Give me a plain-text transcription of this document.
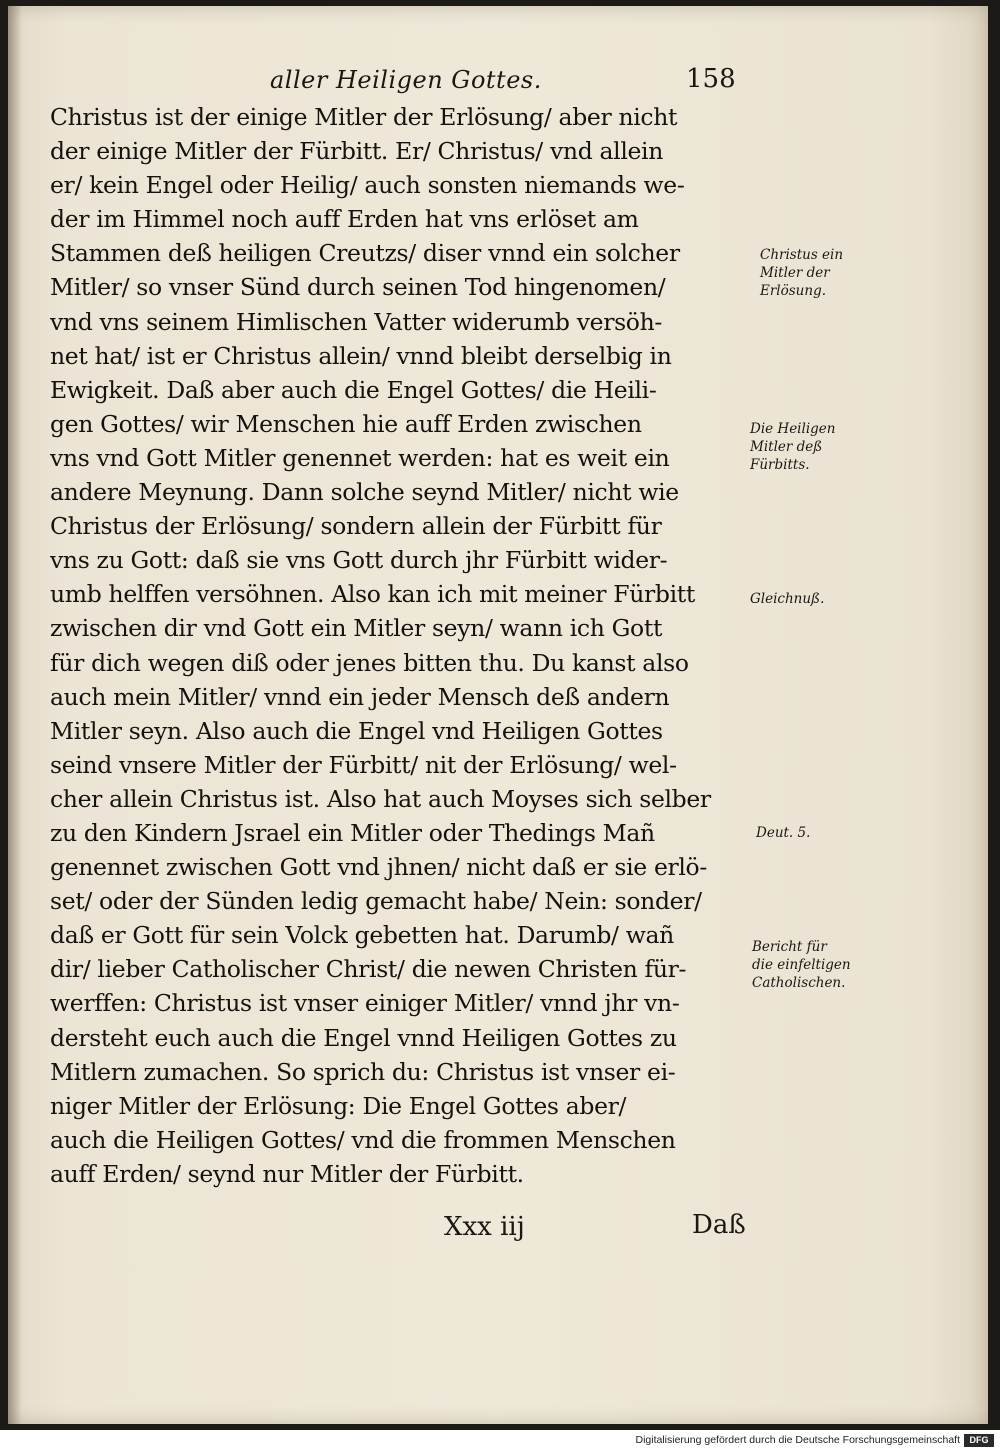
aller Heiligen Gottes.	158
Christus ist der einige Mitler der Erlösung/ aber nicht
der einige Mitler der Fürbitt. Er/ Christus/ vnd allein
er/ kein Engel oder Heilig/ auch sonsten niemands we-
der im Himmel noch auff Erden hat vns erlöset am
Stammen deß heiligen Creutzs/ diser vnnd ein solcher
Mitler/ so vnser Sünd durch seinen Tod hingenomen/
vnd vns seinem Himlischen Vatter widerumb versöh-
net hat/ ist er Christus allein/ vnnd bleibt derselbig in
Ewigkeit. Daß aber auch die Engel Gottes/ die Heili-
gen Gottes/ wir Menschen hie auff Erden zwischen
vns vnd Gott Mitler genennet werden: hat es weit ein
andere Meynung. Dann solche seynd Mitler/ nicht wie
Christus der Erlösung/ sondern allein der Fürbitt für
vns zu Gott: daß sie vns Gott durch jhr Fürbitt wider-
umb helffen versöhnen. Also kan ich mit meiner Fürbitt
zwischen dir vnd Gott ein Mitler seyn/ wann ich Gott
für dich wegen diß oder jenes bitten thu. Du kanst also
auch mein Mitler/ vnnd ein jeder Mensch deß andern
Mitler seyn. Also auch die Engel vnd Heiligen Gottes
seind vnsere Mitler der Fürbitt/ nit der Erlösung/ wel-
cher allein Christus ist. Also hat auch Moyses sich selber
zu den Kindern Jsrael ein Mitler oder Thedings Mañ
genennet zwischen Gott vnd jhnen/ nicht daß er sie erlö-
set/ oder der Sünden ledig gemacht habe/ Nein: sonder/
daß er Gott für sein Volck gebetten hat. Darumb/ wañ
dir/ lieber Catholischer Christ/ die newen Christen für-
werffen: Christus ist vnser einiger Mitler/ vnnd jhr vn-
dersteht euch auch die Engel vnnd Heiligen Gottes zu
Mitlern zumachen. So sprich du: Christus ist vnser ei-
niger Mitler der Erlösung: Die Engel Gottes aber/
auch die Heiligen Gottes/ vnd die frommen Menschen
auff Erden/ seynd nur Mitler der Fürbitt.
Christus ein
Mitler der
Erlösung.
Die Heiligen
Mitler deß
Fürbitts.
Gleichnuß.
Deut. 5.
Bericht für
die einfeltigen
Catholischen.
Xxx iij	Daß
Digitalisierung gefördert durch die Deutsche Forschungsgemeinschaft	DFG
